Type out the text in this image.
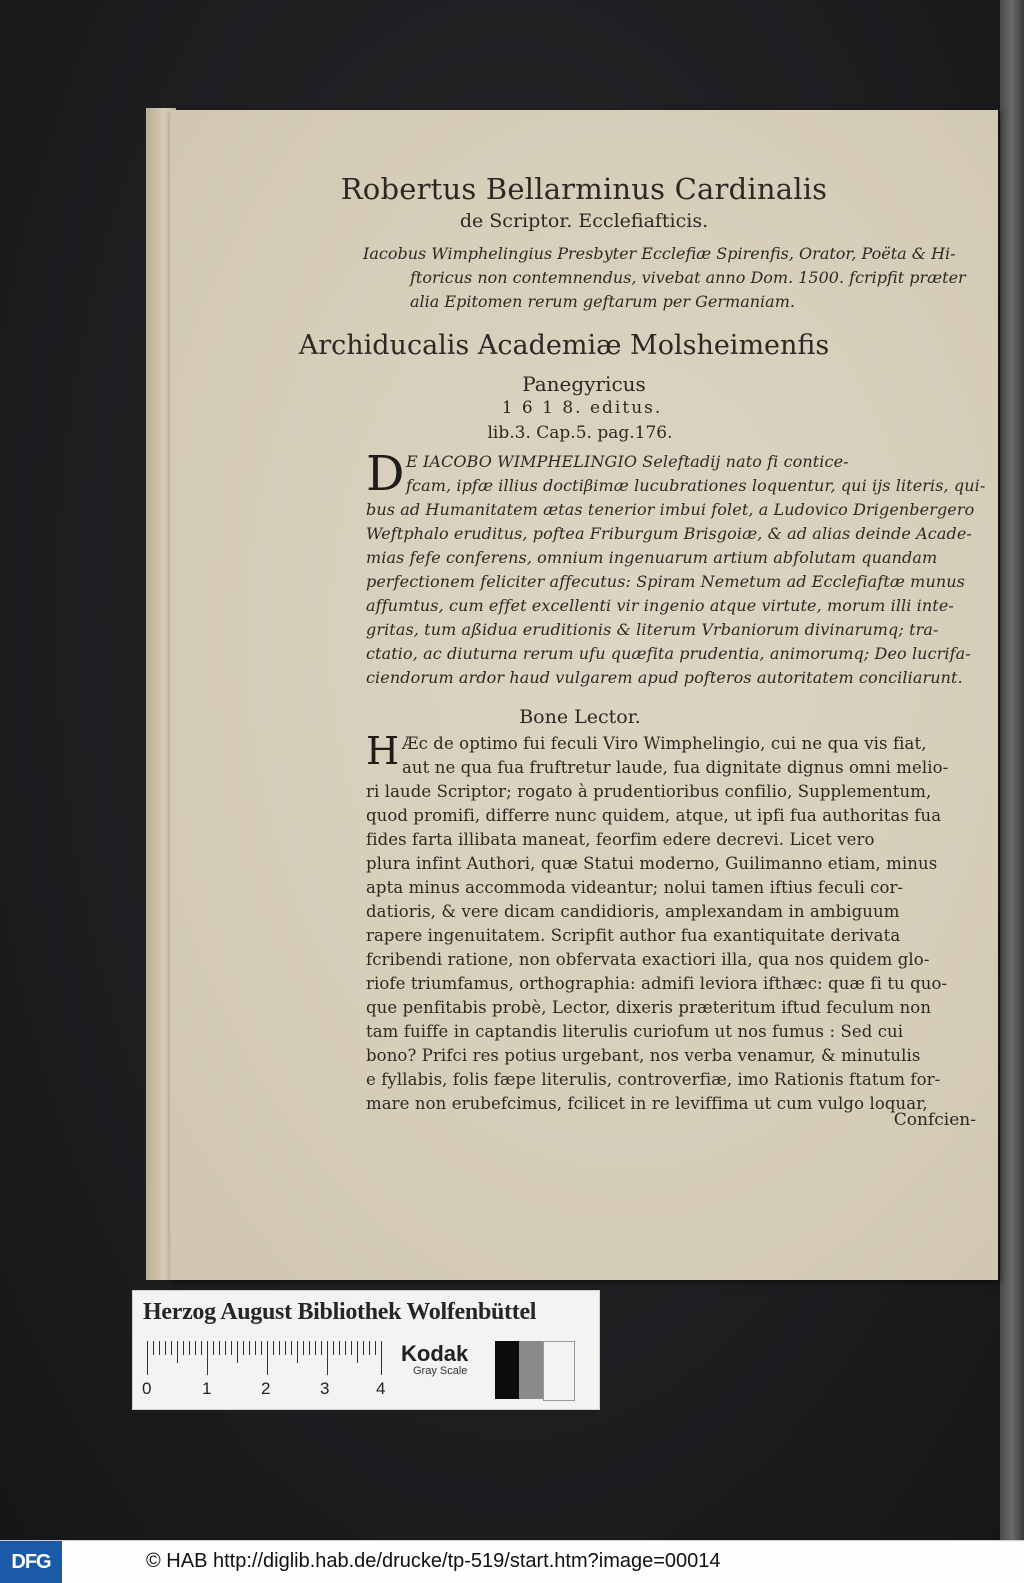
Robertus Bellarminus Cardinalis
de Scriptor. Ecclefiafticis.
Iacobus Wimphelingius Presbyter Ecclefiæ Spirenfis, Orator, Poëta & Hi-
ftoricus non contemnendus, vivebat anno Dom. 1500. fcripfit præter
alia Epitomen rerum geftarum per Germaniam.
Archiducalis Academiæ Molsheimenfis
Panegyricus
1 6 1 8. editus.
lib.3. Cap.5. pag.176.
D E IACOBO WIMPHELINGIO Seleftadij nato fi contice-
fcam, ipfæ illius doctiβimæ lucubrationes loquentur, qui ijs literis, qui-
bus ad Humanitatem ætas tenerior imbui folet, a Ludovico Drigenbergero
Weftphalo eruditus, poftea Friburgum Brisgoiæ, & ad alias deinde Acade-
mias fefe conferens, omnium ingenuarum artium abfolutam quandam
perfectionem feliciter affecutus: Spiram Nemetum ad Ecclefiaftæ munus
affumtus, cum effet excellenti vir ingenio atque virtute, morum illi inte-
gritas, tum aßidua eruditionis & literum Vrbaniorum divinarumq; tra-
ctatio, ac diuturna rerum ufu quæfita prudentia, animorumq; Deo lucrifa-
ciendorum ardor haud vulgarem apud pofteros autoritatem conciliarunt.
Bone Lector.
H Æc de optimo fui feculi Viro Wimphelingio, cui ne qua vis fiat,
aut ne qua fua fruftretur laude, fua dignitate dignus omni melio-
ri laude Scriptor; rogato à prudentioribus confilio, Supplementum,
quod promifi, differre nunc quidem, atque, ut ipfi fua authoritas fua
fides farta illibata maneat, feorfim edere decrevi. Licet vero
plura infint Authori, quæ Statui moderno, Guilimanno etiam, minus
apta minus accommoda videantur; nolui tamen iftius feculi cor-
datioris, & vere dicam candidioris, amplexandam in ambiguum
rapere ingenuitatem. Scripfit author fua exantiquitate derivata
fcribendi ratione, non obfervata exactiori illa, qua nos quidem glo-
riofe triumfamus, orthographia: admifi leviora ifthæc: quæ fi tu quo-
que penfitabis probè, Lector, dixeris præteritum iftud feculum non
tam fuiffe in captandis literulis curiofum ut nos fumus : Sed cui
bono? Prifci res potius urgebant, nos verba venamur, & minutulis
e fyllabis, folis fæpe literulis, controverfiæ, imo Rationis ftatum for-
mare non erubefcimus, fcilicet in re leviffima ut cum vulgo loquar,
Confcien-
Herzog August Bibliothek Wolfenbüttel
0	1	2	3	4
Kodak
Gray Scale
DFG	© HAB http://diglib.hab.de/drucke/tp-519/start.htm?image=00014
